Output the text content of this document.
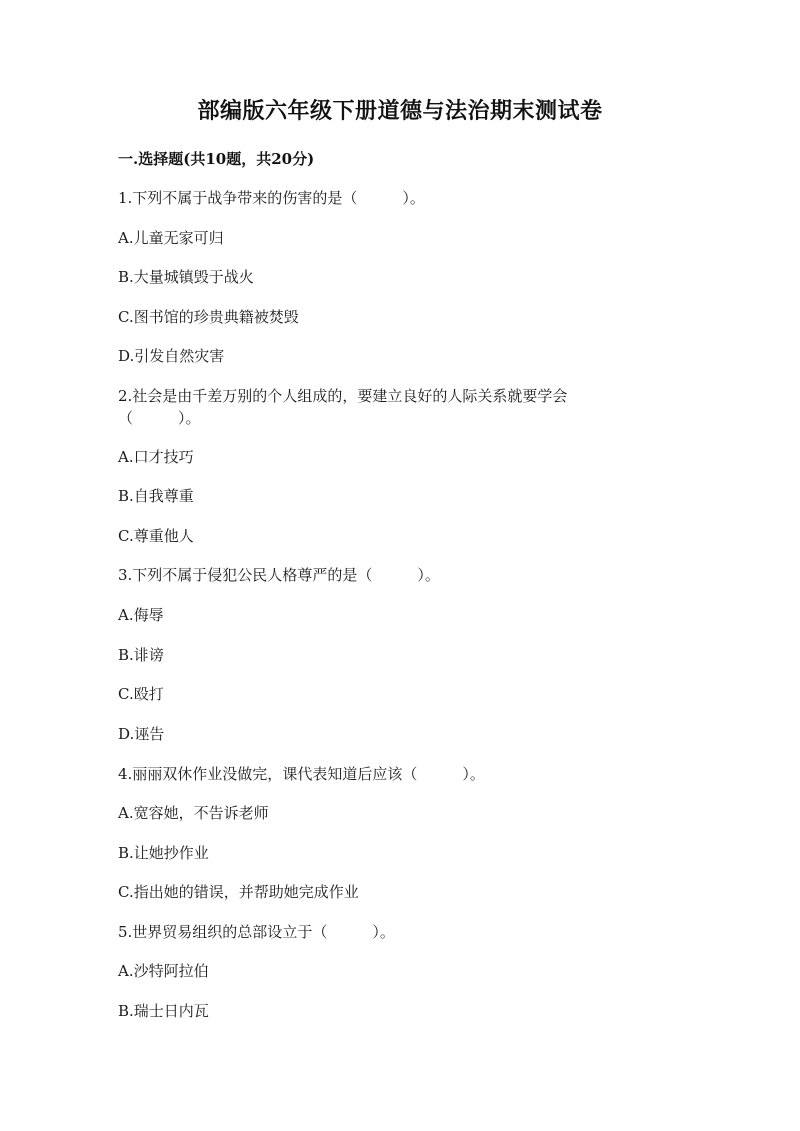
部编版六年级下册道德与法治期末测试卷
一.选择题(共10题，共20分)
1.下列不属于战争带来的伤害的是（　　　）。
A.儿童无家可归
B.大量城镇毁于战火
C.图书馆的珍贵典籍被焚毁
D.引发自然灾害
2.社会是由千差万别的个人组成的，要建立良好的人际关系就要学会
（　　　）。
A.口才技巧
B.自我尊重
C.尊重他人
3.下列不属于侵犯公民人格尊严的是（　　　）。
A.侮辱
B.诽谤
C.殴打
D.诬告
4.丽丽双休作业没做完，课代表知道后应该（　　　）。
A.宽容她，不告诉老师
B.让她抄作业
C.指出她的错误，并帮助她完成作业
5.世界贸易组织的总部设立于（　　　）。
A.沙特阿拉伯
B.瑞士日内瓦
